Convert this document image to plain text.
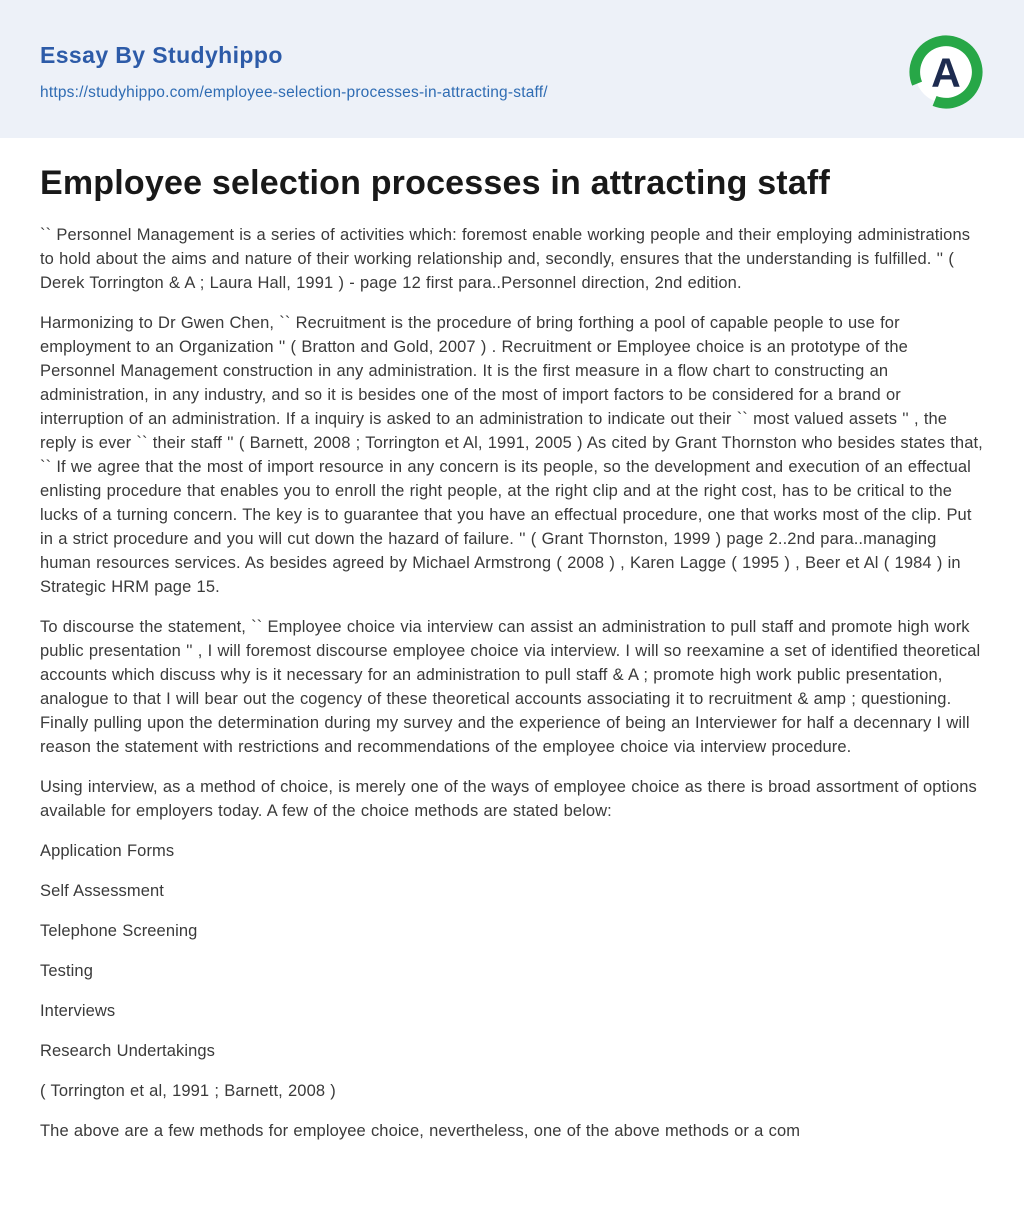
Essay By Studyhippo
https://studyhippo.com/employee-selection-processes-in-attracting-staff/	A
Employee selection processes in attracting staff

`` Personnel Management is a series of activities which: foremost enable working people and their employing administrations to hold about the aims and nature of their working relationship and, secondly, ensures that the understanding is fulfilled. '' ( Derek Torrington & A ; Laura Hall, 1991 ) - page 12 first para..Personnel direction, 2nd edition.

Harmonizing to Dr Gwen Chen, `` Recruitment is the procedure of bring forthing a pool of capable people to use for employment to an Organization '' ( Bratton and Gold, 2007 ) . Recruitment or Employee choice is an prototype of the Personnel Management construction in any administration. It is the first measure in a flow chart to constructing an administration, in any industry, and so it is besides one of the most of import factors to be considered for a brand or interruption of an administration. If a inquiry is asked to an administration to indicate out their `` most valued assets '' , the reply is ever `` their staff '' ( Barnett, 2008 ; Torrington et Al, 1991, 2005 ) As cited by Grant Thornston who besides states that, `` If we agree that the most of import resource in any concern is its people, so the development and execution of an effectual enlisting procedure that enables you to enroll the right people, at the right clip and at the right cost, has to be critical to the lucks of a turning concern. The key is to guarantee that you have an effectual procedure, one that works most of the clip. Put in a strict procedure and you will cut down the hazard of failure. '' ( Grant Thornston, 1999 ) page 2..2nd para..managing human resources services. As besides agreed by Michael Armstrong ( 2008 ) , Karen Lagge ( 1995 ) , Beer et Al ( 1984 ) in Strategic HRM page 15.

To discourse the statement, `` Employee choice via interview can assist an administration to pull staff and promote high work public presentation '' , I will foremost discourse employee choice via interview. I will so reexamine a set of identified theoretical accounts which discuss why is it necessary for an administration to pull staff & A ; promote high work public presentation, analogue to that I will bear out the cogency of these theoretical accounts associating it to recruitment & amp ; questioning. Finally pulling upon the determination during my survey and the experience of being an Interviewer for half a decennary I will reason the statement with restrictions and recommendations of the employee choice via interview procedure.

Using interview, as a method of choice, is merely one of the ways of employee choice as there is broad assortment of options available for employers today. A few of the choice methods are stated below:

Application Forms

Self Assessment

Telephone Screening

Testing

Interviews

Research Undertakings

( Torrington et al, 1991 ; Barnett, 2008 )

The above are a few methods for employee choice, nevertheless, one of the above methods or a com
